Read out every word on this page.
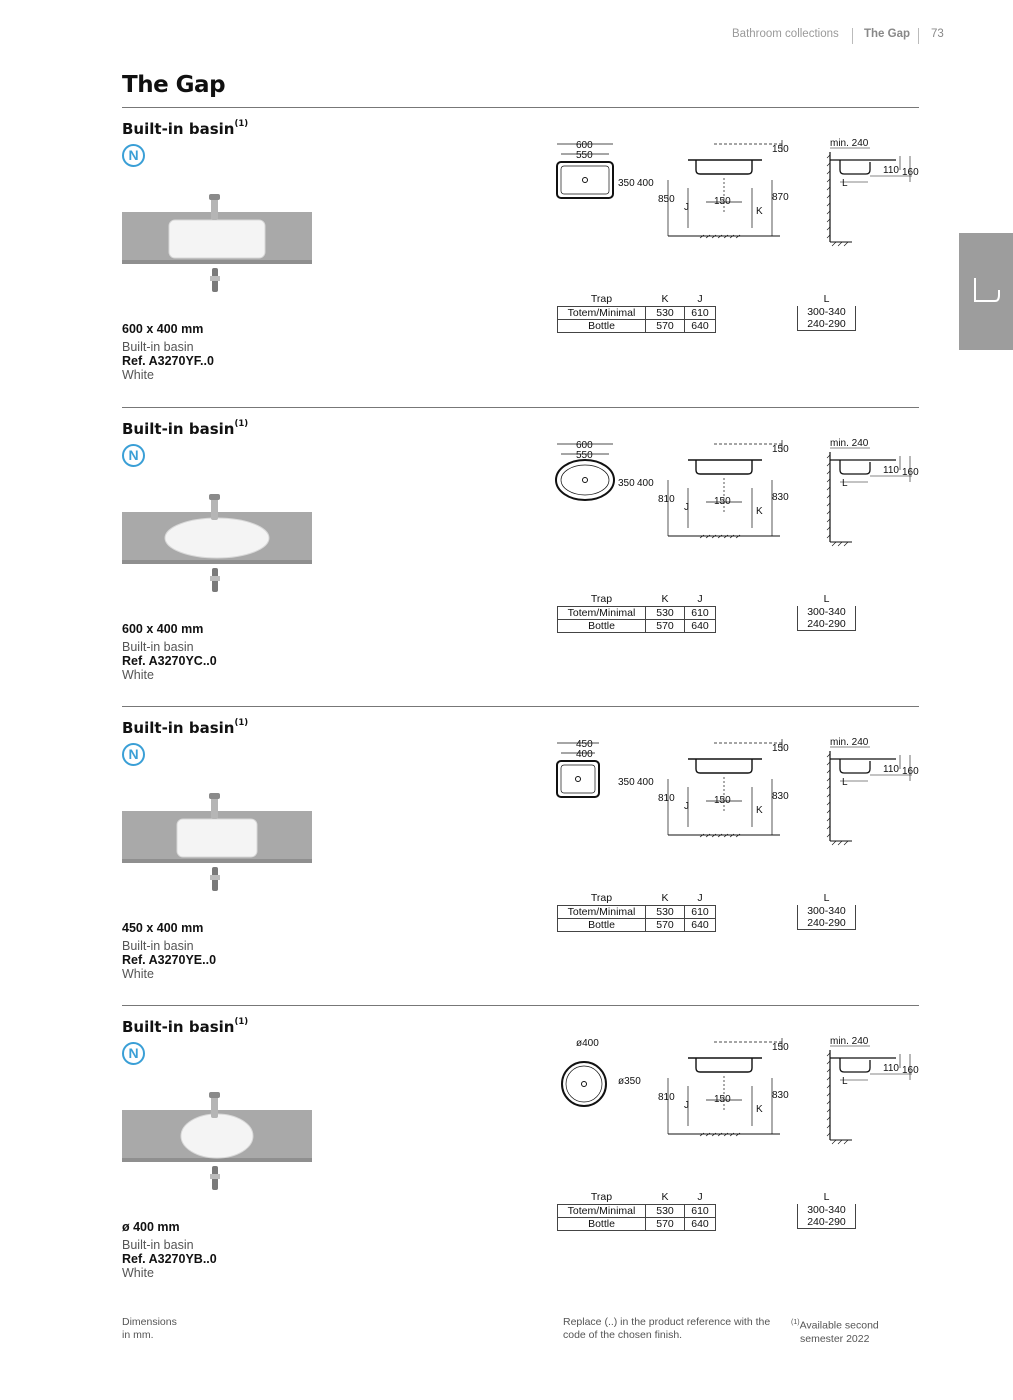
Bathroom collections The Gap 73
The Gap
Built-in basin$^{(1)}$
N
600 x 400 mm
Built-in basin
Ref. A3270YF..0
White
600
550
350 400
150
850	870
150
J	K
min. 240
110 160
L
Trap	K	J
Totem/Minimal	530	610
Bottle	570	640
L
300-340
240-290
Built-in basin$^{(1)}$
N
600 x 400 mm
Built-in basin
Ref. A3270YC..0
White
600
550
350 400
150
810	830
150
J	K
min. 240
110 160
L
Trap	K	J
Totem/Minimal	530	610
Bottle	570	640
L
300-340
240-290
Built-in basin$^{(1)}$
N
450 x 400 mm
Built-in basin
Ref. A3270YE..0
White
450
400
350 400
150
810	830
150
J	K
min. 240
110 160
L
Trap	K	J
Totem/Minimal	530	610
Bottle	570	640
L
300-340
240-290
Built-in basin$^{(1)}$
N
ø 400 mm
Built-in basin
Ref. A3270YB..0
White
ø400
ø350
150
810	830
150
J	K
min. 240
110 160
L
Trap	K	J
Totem/Minimal	530	610
Bottle	570	640
L
300-340
240-290
Dimensions
in mm.
Replace (..) in the product reference with the
code of the chosen finish.
$^{(1)}$Available second
semester 2022
